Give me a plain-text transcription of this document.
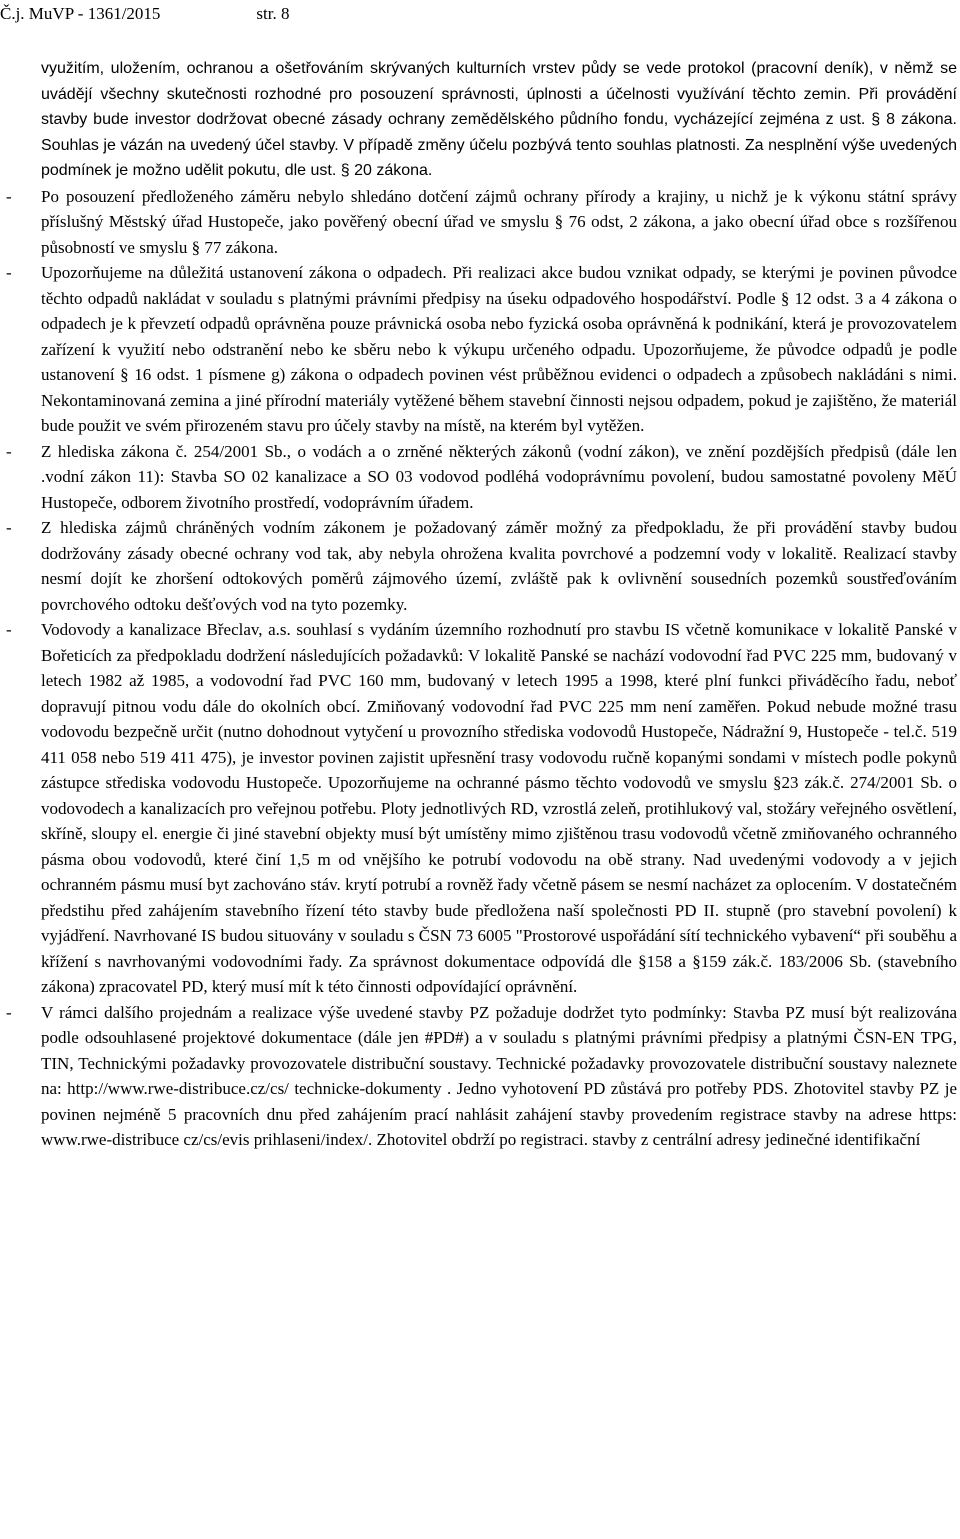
Č.j. MuVP - 1361/2015	str. 8

využitím, uložením, ochranou a ošetřováním skrývaných kulturních vrstev půdy se vede protokol (pracovní deník), v němž se uvádějí všechny skutečnosti rozhodné pro posouzení správnosti, úplnosti a účelnosti využívání těchto zemin. Při provádění stavby bude investor dodržovat obecné zásady ochrany zemědělského půdního fondu, vycházející zejména z ust. § 8 zákona. Souhlas je vázán na uvedený účel stavby. V případě změny účelu pozbývá tento souhlas platnosti. Za nesplnění výše uvedených podmínek je možno udělit pokutu, dle ust. § 20 zákona.

- Po posouzení předloženého záměru nebylo shledáno dotčení zájmů ochrany přírody a krajiny, u nichž je k výkonu státní správy příslušný Městský úřad Hustopeče, jako pověřený obecní úřad ve smyslu § 76 odst, 2 zákona, a jako obecní úřad obce s rozšířenou působností ve smyslu § 77 zákona.

- Upozorňujeme na důležitá ustanovení zákona o odpadech. Při realizaci akce budou vznikat odpady, se kterými je povinen původce těchto odpadů nakládat v souladu s platnými právními předpisy na úseku odpadového hospodářství. Podle § 12 odst. 3 a 4 zákona o odpadech je k převzetí odpadů oprávněna pouze právnická osoba nebo fyzická osoba oprávněná k podnikání, která je provozovatelem zařízení k využití nebo odstranění nebo ke sběru nebo k výkupu určeného odpadu. Upozorňujeme, že původce odpadů je podle ustanovení § 16 odst. 1 písmene g) zákona o odpadech povinen vést průběžnou evidenci o odpadech a způsobech nakládáni s nimi. Nekontaminovaná zemina a jiné přírodní materiály vytěžené během stavební činnosti nejsou odpadem, pokud je zajištěno, že materiál bude použit ve svém přirozeném stavu pro účely stavby na místě, na kterém byl vytěžen.

- Z hlediska zákona č. 254/2001 Sb., o vodách a o zrněné některých zákonů (vodní zákon), ve znění pozdějších předpisů (dále len .vodní zákon 11): Stavba SO 02 kanalizace a SO 03 vodovod podléhá vodoprávnímu povolení, budou samostatné povoleny MěÚ Hustopeče, odborem životního prostředí, vodoprávním úřadem.

- Z hlediska zájmů chráněných vodním zákonem je požadovaný záměr možný za předpokladu, že při provádění stavby budou dodržovány zásady obecné ochrany vod tak, aby nebyla ohrožena kvalita povrchové a podzemní vody v lokalitě. Realizací stavby nesmí dojít ke zhoršení odtokových poměrů zájmového území, zvláště pak k ovlivnění sousedních pozemků soustřeďováním povrchového odtoku dešťových vod na tyto pozemky.

- Vodovody a kanalizace Břeclav, a.s. souhlasí s vydáním územního rozhodnutí pro stavbu IS včetně komunikace v lokalitě Panské v Bořeticích za předpokladu dodržení následujících požadavků: V lokalitě Panské se nachází vodovodní řad PVC 225 mm, budovaný v letech 1982 až 1985, a vodovodní řad PVC 160 mm, budovaný v letech 1995 a 1998, které plní funkci přiváděcího řadu, neboť dopravují pitnou vodu dále do okolních obcí. Zmiňovaný vodovodní řad PVC 225 mm není zaměřen. Pokud nebude možné trasu vodovodu bezpečně určit (nutno dohodnout vytyčení u provozního střediska vodovodů Hustopeče, Nádražní 9, Hustopeče - tel.č. 519 411 058 nebo 519 411 475), je investor povinen zajistit upřesnění trasy vodovodu ručně kopanými sondami v místech podle pokynů zástupce střediska vodovodu Hustopeče. Upozorňujeme na ochranné pásmo těchto vodovodů ve smyslu §23 zák.č. 274/2001 Sb. o vodovodech a kanalizacích pro veřejnou potřebu. Ploty jednotlivých RD, vzrostlá zeleň, protihlukový val, stožáry veřejného osvětlení, skříně, sloupy el. energie či jiné stavební objekty musí být umístěny mimo zjištěnou trasu vodovodů včetně zmiňovaného ochranného pásma obou vodovodů, které činí 1,5 m od vnějšího ke potrubí vodovodu na obě strany. Nad uvedenými vodovody a v jejich ochranném pásmu musí byt zachováno stáv. krytí potrubí a rovněž řady včetně pásem se nesmí nacházet za oplocením. V dostatečném předstihu před zahájením stavebního řízení této stavby bude předložena naší společnosti PD II. stupně (pro stavební povolení) k vyjádření. Navrhované IS budou situovány v souladu s ČSN 73 6005 "Prostorové uspořádání sítí technického vybavení“ při souběhu a křížení s navrhovanými vodovodními řady. Za správnost dokumentace odpovídá dle §158 a §159 zák.č. 183/2006 Sb. (stavebního zákona) zpracovatel PD, který musí mít k této činnosti odpovídající oprávnění.

- V rámci dalšího projednám a realizace výše uvedené stavby PZ požaduje dodržet tyto podmínky: Stavba PZ musí být realizována podle odsouhlasené projektové dokumentace (dále jen #PD#) a v souladu s platnými právními předpisy a platnými ČSN-EN TPG, TIN, Technickými požadavky provozovatele distribuční soustavy. Technické požadavky provozovatele distribuční soustavy naleznete na: http://www.rwe-distribuce.cz/cs/ technicke-dokumenty . Jedno vyhotovení PD zůstává pro potřeby PDS. Zhotovitel stavby PZ je povinen nejméně 5 pracovních dnu před zahájením prací nahlásit zahájení stavby provedením registrace stavby na adrese https: www.rwe-distribuce cz/cs/evis prihlaseni/index/. Zhotovitel obdrží po registraci. stavby z centrální adresy jedinečné identifikační
